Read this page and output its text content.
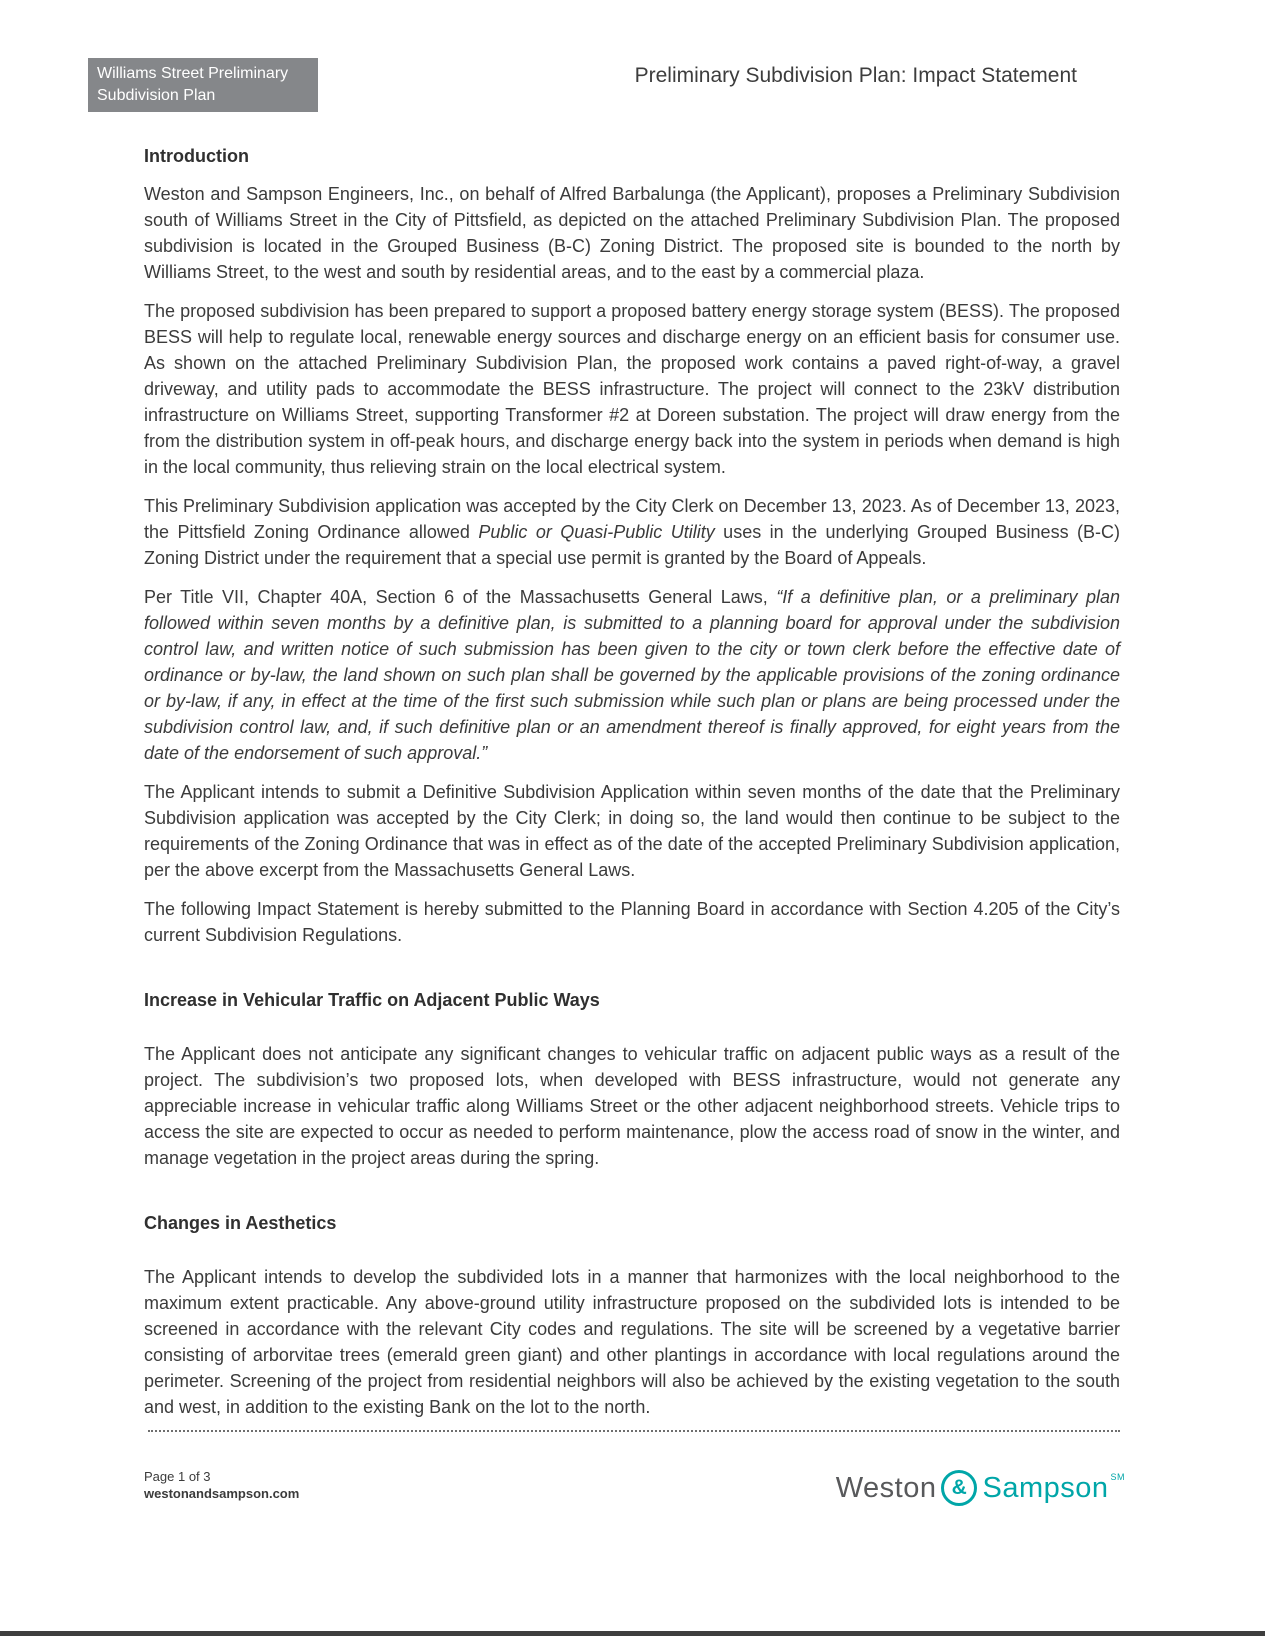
Williams Street Preliminary
Subdivision Plan
Preliminary Subdivision Plan: Impact Statement
Introduction

Weston and Sampson Engineers, Inc., on behalf of Alfred Barbalunga (the Applicant), proposes a Preliminary Subdivision south of Williams Street in the City of Pittsfield, as depicted on the attached Preliminary Subdivision Plan. The proposed subdivision is located in the Grouped Business (B-C) Zoning District. The proposed site is bounded to the north by Williams Street, to the west and south by residential areas, and to the east by a commercial plaza.

The proposed subdivision has been prepared to support a proposed battery energy storage system (BESS). The proposed BESS will help to regulate local, renewable energy sources and discharge energy on an efficient basis for consumer use. As shown on the attached Preliminary Subdivision Plan, the proposed work contains a paved right-of-way, a gravel driveway, and utility pads to accommodate the BESS infrastructure. The project will connect to the 23kV distribution infrastructure on Williams Street, supporting Transformer #2 at Doreen substation. The project will draw energy from the from the distribution system in off-peak hours, and discharge energy back into the system in periods when demand is high in the local community, thus relieving strain on the local electrical system.

This Preliminary Subdivision application was accepted by the City Clerk on December 13, 2023. As of December 13, 2023, the Pittsfield Zoning Ordinance allowed Public or Quasi-Public Utility uses in the underlying Grouped Business (B-C) Zoning District under the requirement that a special use permit is granted by the Board of Appeals.

Per Title VII, Chapter 40A, Section 6 of the Massachusetts General Laws, “If a definitive plan, or a preliminary plan followed within seven months by a definitive plan, is submitted to a planning board for approval under the subdivision control law, and written notice of such submission has been given to the city or town clerk before the effective date of ordinance or by-law, the land shown on such plan shall be governed by the applicable provisions of the zoning ordinance or by-law, if any, in effect at the time of the first such submission while such plan or plans are being processed under the subdivision control law, and, if such definitive plan or an amendment thereof is finally approved, for eight years from the date of the endorsement of such approval.”

The Applicant intends to submit a Definitive Subdivision Application within seven months of the date that the Preliminary Subdivision application was accepted by the City Clerk; in doing so, the land would then continue to be subject to the requirements of the Zoning Ordinance that was in effect as of the date of the accepted Preliminary Subdivision application, per the above excerpt from the Massachusetts General Laws.

The following Impact Statement is hereby submitted to the Planning Board in accordance with Section 4.205 of the City’s current Subdivision Regulations.

Increase in Vehicular Traffic on Adjacent Public Ways

The Applicant does not anticipate any significant changes to vehicular traffic on adjacent public ways as a result of the project. The subdivision’s two proposed lots, when developed with BESS infrastructure, would not generate any appreciable increase in vehicular traffic along Williams Street or the other adjacent neighborhood streets. Vehicle trips to access the site are expected to occur as needed to perform maintenance, plow the access road of snow in the winter, and manage vegetation in the project areas during the spring.

Changes in Aesthetics

The Applicant intends to develop the subdivided lots in a manner that harmonizes with the local neighborhood to the maximum extent practicable. Any above-ground utility infrastructure proposed on the subdivided lots is intended to be screened in accordance with the relevant City codes and regulations. The site will be screened by a vegetative barrier consisting of arborvitae trees (emerald green giant) and other plantings in accordance with local regulations around the perimeter. Screening of the project from residential neighbors will also be achieved by the existing vegetation to the south and west, in addition to the existing Bank on the lot to the north.

Page 1 of 3
westonandsampson.com	Weston & Sampson SM
